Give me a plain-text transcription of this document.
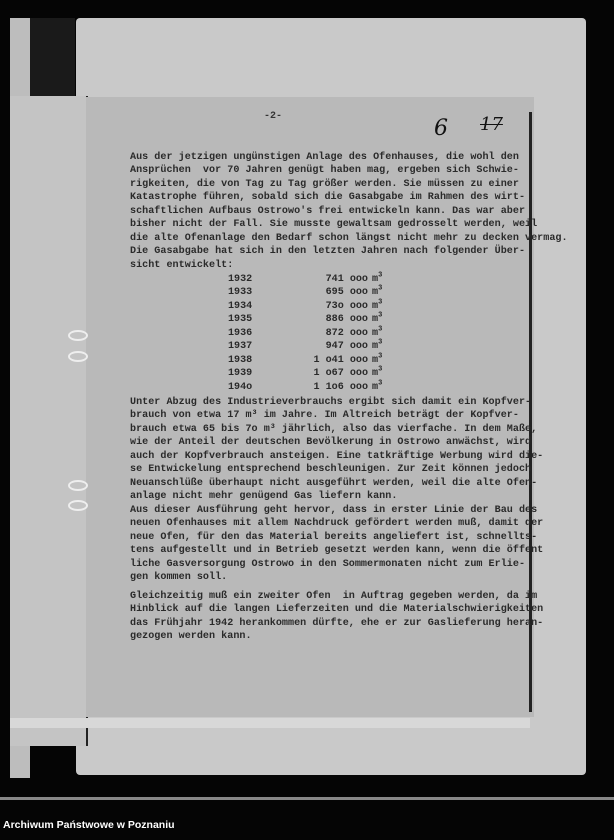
-2-	6 17
Aus der jetzigen ungünstigen Anlage des Ofenhauses, die wohl den
Ansprüchen  vor 70 Jahren genügt haben mag, ergeben sich Schwie-
rigkeiten, die von Tag zu Tag größer werden. Sie müssen zu einer
Katastrophe führen, sobald sich die Gasabgabe im Rahmen des wirt-
schaftlichen Aufbaus Ostrowo's frei entwickeln kann. Das war aber
bisher nicht der Fall. Sie musste gewaltsam gedrosselt werden, weil
die alte Ofenanlage den Bedarf schon längst nicht mehr zu decken vermag.
Die Gasabgabe hat sich in den letzten Jahren nach folgender Über-
sicht entwickelt:
1932	741 ooo $m^3$
1933	695 ooo $m^3$
1934	73o ooo $m^3$
1935	886 ooo $m^3$
1936	872 ooo $m^3$
1937	947 ooo $m^3$
1938	1 o41 ooo $m^3$
1939	1 o67 ooo $m^3$
194o	1 1o6 ooo $m^3$
Unter Abzug des Industrieverbrauchs ergibt sich damit ein Kopfver-
brauch von etwa 17 m³ im Jahre. Im Altreich beträgt der Kopfver-
brauch etwa 65 bis 7o m³ jährlich, also das vierfache. In dem Maße,
wie der Anteil der deutschen Bevölkerung in Ostrowo anwächst, wird
auch der Kopfverbrauch ansteigen. Eine tatkräftige Werbung wird die-
se Entwickelung entsprechend beschleunigen. Zur Zeit können jedoch
Neuanschlüße überhaupt nicht ausgeführt werden, weil die alte Ofen-
anlage nicht mehr genügend Gas liefern kann.
Aus dieser Ausführung geht hervor, dass in erster Linie der Bau des
neuen Ofenhauses mit allem Nachdruck gefördert werden muß, damit der
neue Ofen, für den das Material bereits angeliefert ist, schnellts-
tens aufgestellt und in Betrieb gesetzt werden kann, wenn die öffent
liche Gasversorgung Ostrowo in den Sommermonaten nicht zum Erlie-
gen kommen soll.
Gleichzeitig muß ein zweiter Ofen  in Auftrag gegeben werden, da im
Hinblick auf die langen Lieferzeiten und die Materialschwierigkeiten
das Frühjahr 1942 herankommen dürfte, ehe er zur Gaslieferung heran-
gezogen werden kann.
Archiwum Państwowe w Poznaniu
